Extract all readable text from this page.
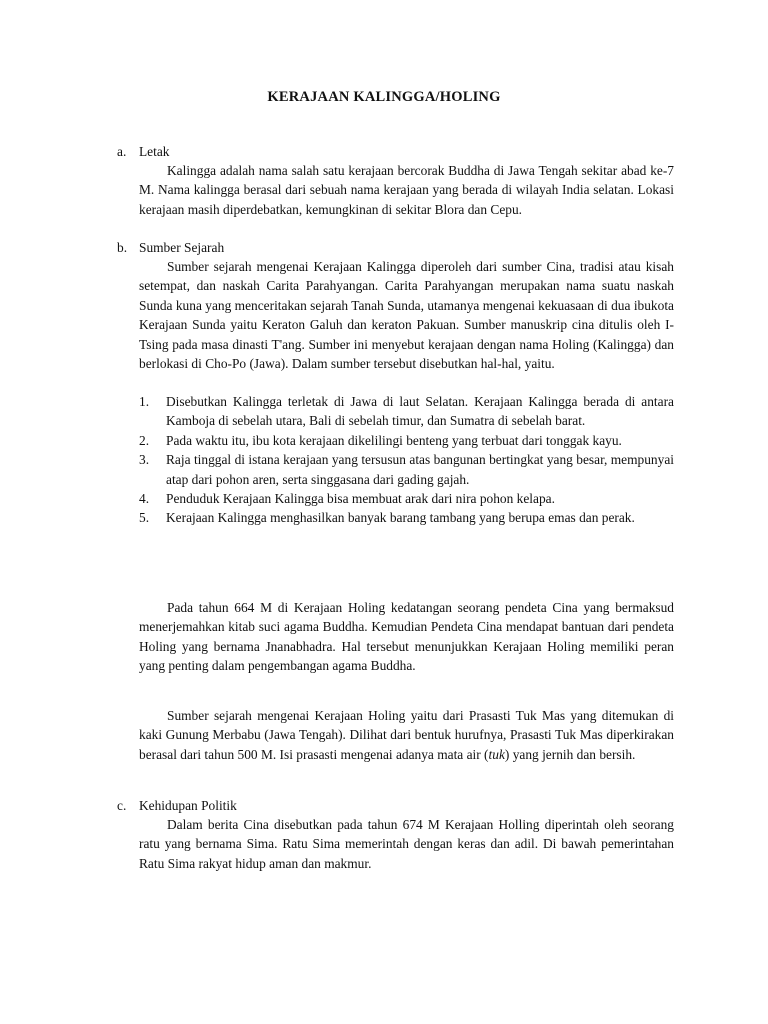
KERAJAAN KALINGGA/HOLING
a. Letak

Kalingga adalah nama salah satu kerajaan bercorak Buddha di Jawa Tengah sekitar abad ke-7 M. Nama kalingga berasal dari sebuah nama kerajaan yang berada di wilayah India selatan. Lokasi kerajaan masih diperdebatkan, kemungkinan di sekitar Blora dan Cepu.

b. Sumber Sejarah

Sumber sejarah mengenai Kerajaan Kalingga diperoleh dari sumber Cina, tradisi atau kisah setempat, dan naskah Carita Parahyangan. Carita Parahyangan merupakan nama suatu naskah Sunda kuna yang menceritakan sejarah Tanah Sunda, utamanya mengenai kekuasaan di dua ibukota Kerajaan Sunda yaitu Keraton Galuh dan keraton Pakuan. Sumber manuskrip cina ditulis oleh I-Tsing pada masa dinasti T'ang. Sumber ini menyebut kerajaan dengan nama Holing (Kalingga) dan berlokasi di Cho-Po (Jawa). Dalam sumber tersebut disebutkan hal-hal, yaitu.

1. Disebutkan Kalingga terletak di Jawa di laut Selatan. Kerajaan Kalingga berada di antara Kamboja di sebelah utara, Bali di sebelah timur, dan Sumatra di sebelah barat.
2. Pada waktu itu, ibu kota kerajaan dikelilingi benteng yang terbuat dari tonggak kayu.
3. Raja tinggal di istana kerajaan yang tersusun atas bangunan bertingkat yang besar, mempunyai atap dari pohon aren, serta singgasana dari gading gajah.
4. Penduduk Kerajaan Kalingga bisa membuat arak dari nira pohon kelapa.
5. Kerajaan Kalingga menghasilkan banyak barang tambang yang berupa emas dan perak.

Pada tahun 664 M di Kerajaan Holing kedatangan seorang pendeta Cina yang bermaksud menerjemahkan kitab suci agama Buddha. Kemudian Pendeta Cina mendapat bantuan dari pendeta Holing yang bernama Jnanabhadra. Hal tersebut menunjukkan Kerajaan Holing memiliki peran yang penting dalam pengembangan agama Buddha.

Sumber sejarah mengenai Kerajaan Holing yaitu dari Prasasti Tuk Mas yang ditemukan di kaki Gunung Merbabu (Jawa Tengah). Dilihat dari bentuk hurufnya, Prasasti Tuk Mas diperkirakan berasal dari tahun 500 M. Isi prasasti mengenai adanya mata air (tuk) yang jernih dan bersih.

c. Kehidupan Politik

Dalam berita Cina disebutkan pada tahun 674 M Kerajaan Holling diperintah oleh seorang ratu yang bernama Sima. Ratu Sima memerintah dengan keras dan adil. Di bawah pemerintahan Ratu Sima rakyat hidup aman dan makmur.
